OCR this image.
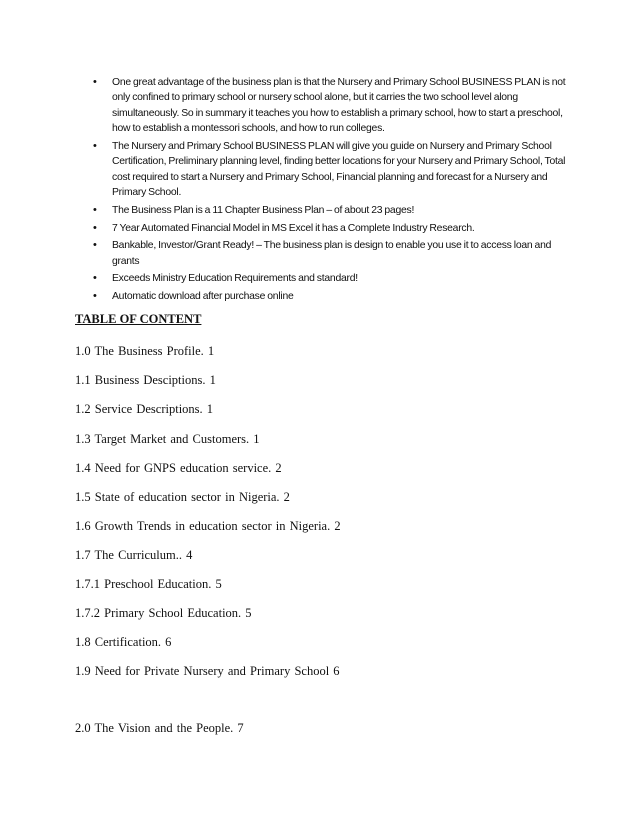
• One great advantage of the business plan is that the Nursery and Primary School BUSINESS PLAN is not only confined to primary school or nursery school alone, but it carries the two school level along simultaneously. So in summary it teaches you how to establish a primary school, how to start a preschool, how to establish a montessori schools, and how to run colleges.
• The Nursery and Primary School BUSINESS PLAN will give you guide on Nursery and Primary School Certification, Preliminary planning level, finding better locations for your Nursery and Primary School, Total cost required to start a Nursery and Primary School, Financial planning and forecast for a Nursery and Primary School.
• The Business Plan is a 11 Chapter Business Plan – of about 23 pages!
• 7 Year Automated Financial Model in MS Excel it has a Complete Industry Research.
• Bankable, Investor/Grant Ready! – The business plan is design to enable you use it to access loan and grants
• Exceeds Ministry Education Requirements and standard!
• Automatic download after purchase online

TABLE OF CONTENT

1.0 The Business Profile. 1

1.1 Business Desciptions. 1

1.2 Service Descriptions. 1

1.3 Target Market and Customers. 1

1.4 Need for GNPS education service. 2

1.5 State of education sector in Nigeria. 2

1.6 Growth Trends in education sector in Nigeria. 2

1.7 The Curriculum.. 4

1.7.1 Preschool Education. 5

1.7.2 Primary School Education. 5

1.8 Certification. 6

1.9 Need for Private Nursery and Primary School 6

2.0 The Vision and the People. 7
